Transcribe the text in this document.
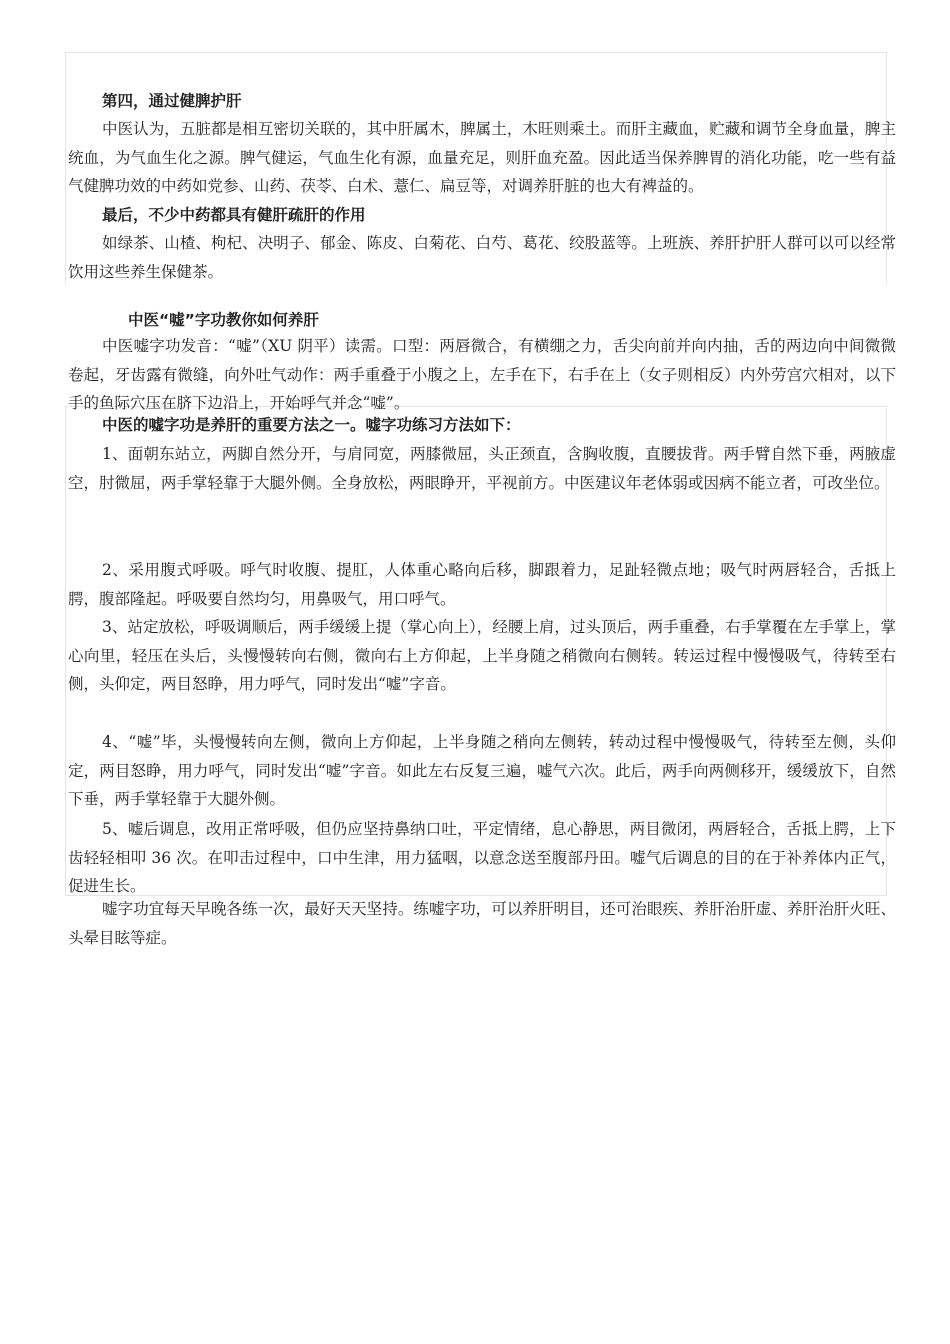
第四，通过健脾护肝

中医认为，五脏都是相互密切关联的，其中肝属木，脾属土，木旺则乘土。而肝主藏血，贮藏和调节全身血量，脾主统血，为气血生化之源。脾气健运，气血生化有源，血量充足，则肝血充盈。因此适当保养脾胃的消化功能，吃一些有益气健脾功效的中药如党参、山药、茯苓、白术、薏仁、扁豆等，对调养肝脏的也大有裨益的。

最后，不少中药都具有健肝疏肝的作用

如绿茶、山楂、枸杞、决明子、郁金、陈皮、白菊花、白芍、葛花、绞股蓝等。上班族、养肝护肝人群可以可以经常饮用这些养生保健茶。

中医“嘘”字功教你如何养肝

中医嘘字功发音：“嘘”（XU 阴平）读需。口型：两唇微合，有横绷之力，舌尖向前并向内抽，舌的两边向中间微微卷起，牙齿露有微缝，向外吐气动作：两手重叠于小腹之上，左手在下，右手在上（女子则相反）内外劳宫穴相对，以下手的鱼际穴压在脐下边沿上，开始呼气并念“嘘”。

中医的嘘字功是养肝的重要方法之一。嘘字功练习方法如下：

1、面朝东站立，两脚自然分开，与肩同宽，两膝微屈，头正颈直，含胸收腹，直腰拔背。两手臂自然下垂，两腋虚空，肘微屈，两手掌轻靠于大腿外侧。全身放松，两眼睁开，平视前方。中医建议年老体弱或因病不能立者，可改坐位。

2、采用腹式呼吸。呼气时收腹、提肛，人体重心略向后移，脚跟着力，足趾轻微点地；吸气时两唇轻合，舌抵上腭，腹部隆起。呼吸要自然均匀，用鼻吸气，用口呼气。

3、站定放松，呼吸调顺后，两手缓缓上提（掌心向上），经腰上肩，过头顶后，两手重叠，右手掌覆在左手掌上，掌心向里，轻压在头后，头慢慢转向右侧，微向右上方仰起，上半身随之稍微向右侧转。转运过程中慢慢吸气，待转至右侧，头仰定，两目怒睁，用力呼气，同时发出“嘘”字音。

4、“嘘”毕，头慢慢转向左侧，微向上方仰起，上半身随之稍向左侧转，转动过程中慢慢吸气，待转至左侧，头仰定，两目怒睁，用力呼气，同时发出“嘘”字音。如此左右反复三遍，嘘气六次。此后，两手向两侧移开，缓缓放下，自然下垂，两手掌轻靠于大腿外侧。

5、嘘后调息，改用正常呼吸，但仍应坚持鼻纳口吐，平定情绪，息心静思，两目微闭，两唇轻合，舌抵上腭，上下齿轻轻相叩 36 次。在叩击过程中，口中生津，用力猛咽，以意念送至腹部丹田。嘘气后调息的目的在于补养体内正气，促进生长。

嘘字功宜每天早晚各练一次，最好天天坚持。练嘘字功，可以养肝明目，还可治眼疾、养肝治肝虚、养肝治肝火旺、头晕目眩等症。
